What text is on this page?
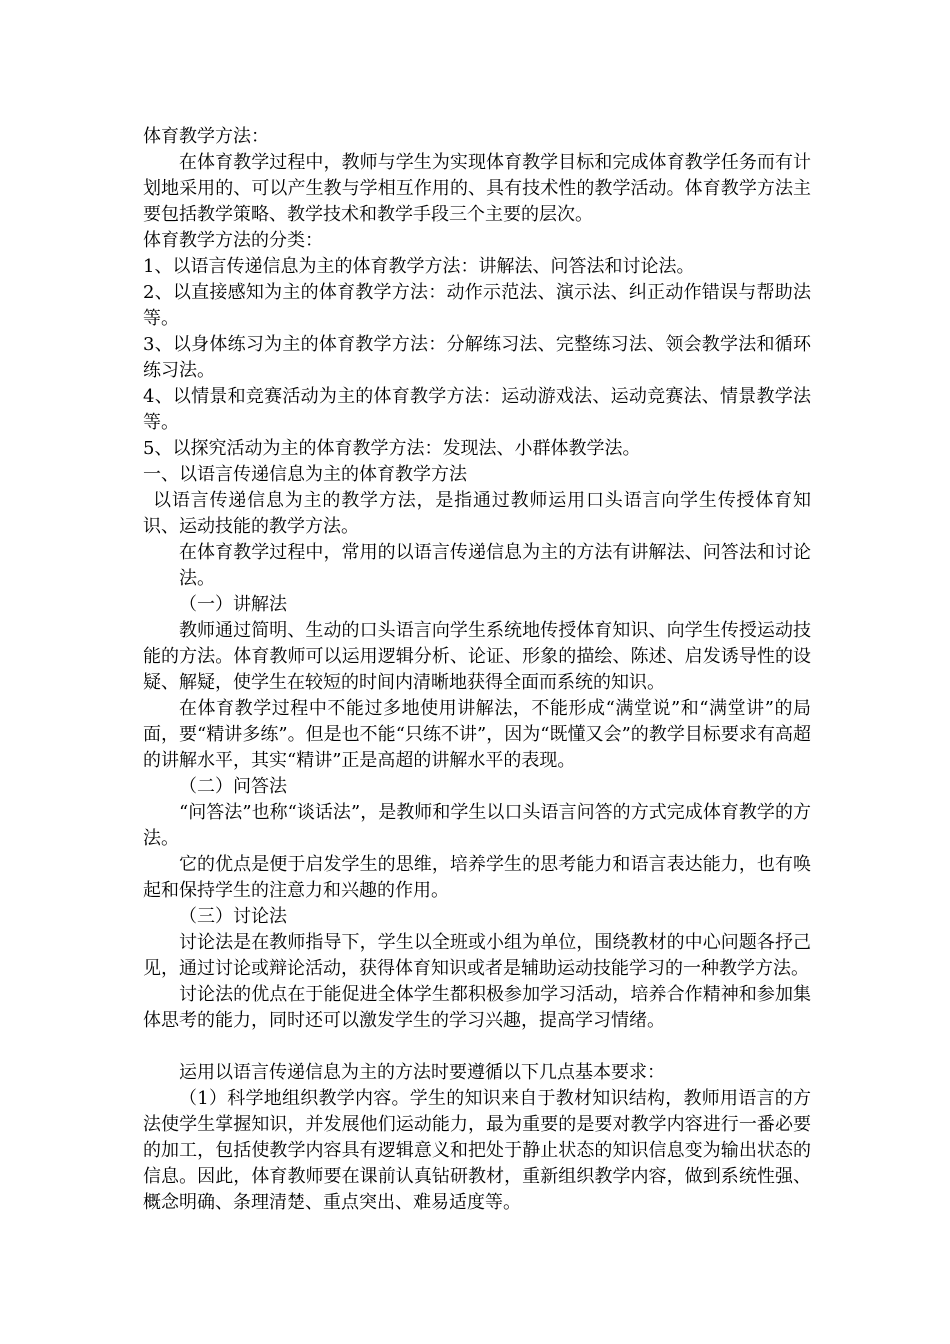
体育教学方法：

在体育教学过程中，教师与学生为实现体育教学目标和完成体育教学任务而有计划地采用的、可以产生教与学相互作用的、具有技术性的教学活动。体育教学方法主要包括教学策略、教学技术和教学手段三个主要的层次。

体育教学方法的分类：

1、以语言传递信息为主的体育教学方法：讲解法、问答法和讨论法。

2、以直接感知为主的体育教学方法：动作示范法、演示法、纠正动作错误与帮助法等。

3、以身体练习为主的体育教学方法：分解练习法、完整练习法、领会教学法和循环练习法。

4、以情景和竞赛活动为主的体育教学方法：运动游戏法、运动竞赛法、情景教学法等。

5、以探究活动为主的体育教学方法：发现法、小群体教学法。

一、以语言传递信息为主的体育教学方法

以语言传递信息为主的教学方法，是指通过教师运用口头语言向学生传授体育知识、运动技能的教学方法。

在体育教学过程中，常用的以语言传递信息为主的方法有讲解法、问答法和讨论法。

（一）讲解法

教师通过简明、生动的口头语言向学生系统地传授体育知识、向学生传授运动技能的方法。体育教师可以运用逻辑分析、论证、形象的描绘、陈述、启发诱导性的设疑、解疑，使学生在较短的时间内清晰地获得全面而系统的知识。

在体育教学过程中不能过多地使用讲解法，不能形成“满堂说”和“满堂讲”的局面，要“精讲多练”。但是也不能“只练不讲”，因为“既懂又会”的教学目标要求有高超的讲解水平，其实“精讲”正是高超的讲解水平的表现。

（二）问答法

“问答法”也称“谈话法”，是教师和学生以口头语言问答的方式完成体育教学的方法。

它的优点是便于启发学生的思维，培养学生的思考能力和语言表达能力，也有唤起和保持学生的注意力和兴趣的作用。

（三）讨论法

讨论法是在教师指导下，学生以全班或小组为单位，围绕教材的中心问题各抒己见，通过讨论或辩论活动，获得体育知识或者是辅助运动技能学习的一种教学方法。

讨论法的优点在于能促进全体学生都积极参加学习活动，培养合作精神和参加集体思考的能力，同时还可以激发学生的学习兴趣，提高学习情绪。

运用以语言传递信息为主的方法时要遵循以下几点基本要求：

（1）科学地组织教学内容。学生的知识来自于教材知识结构，教师用语言的方法使学生掌握知识，并发展他们运动能力，最为重要的是要对教学内容进行一番必要的加工，包括使教学内容具有逻辑意义和把处于静止状态的知识信息变为输出状态的信息。因此，体育教师要在课前认真钻研教材，重新组织教学内容，做到系统性强、概念明确、条理清楚、重点突出、难易适度等。
